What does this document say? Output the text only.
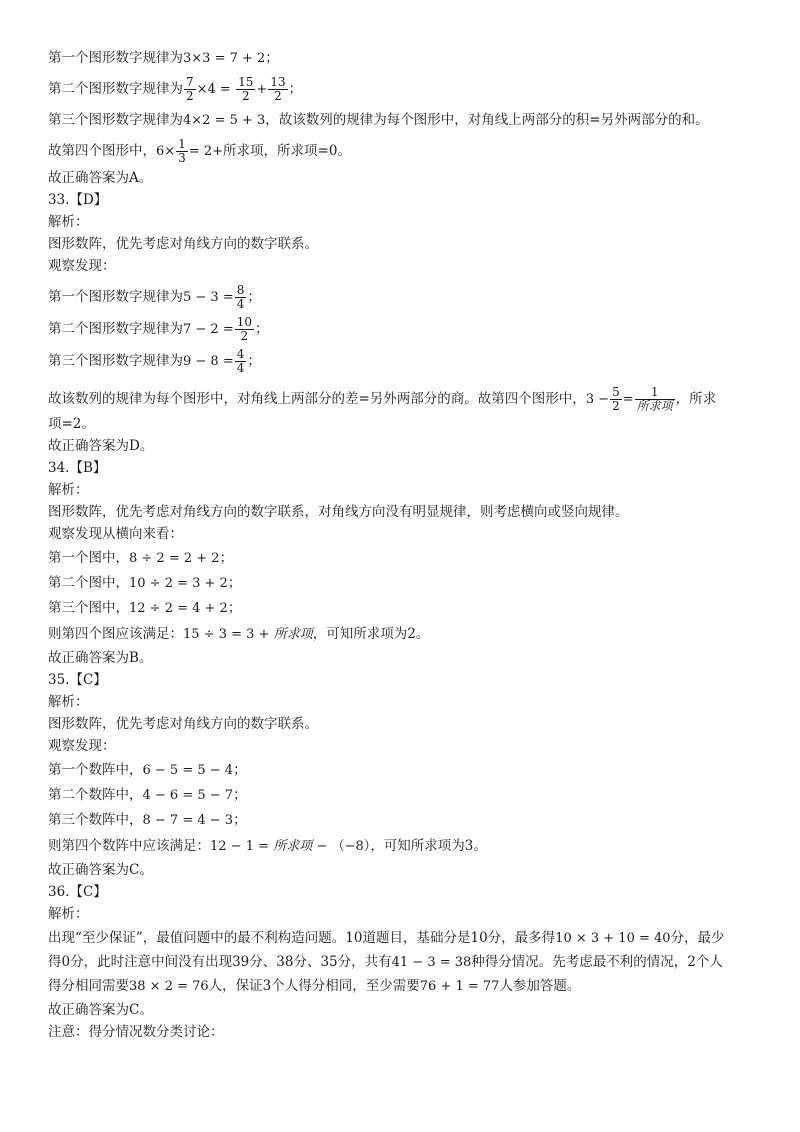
第一个图形数字规律为3×3 = 7 + 2；
第二个图形数字规律为 $\frac{7}{2} \times 4 = \frac{15}{2} + \frac{13}{2}$ ；
第三个图形数字规律为4×2 = 5 + 3，故该数列的规律为每个图形中，对角线上两部分的积=另外两部分的和。
故第四个图形中，$6\times \frac{1}{3} = 2+$所求项，所求项=0。
故正确答案为A。
33.【D】
解析：
图形数阵，优先考虑对角线方向的数字联系。
观察发现：
第一个图形数字规律为$5 - 3 = \frac{8}{4}$ ；
第二个图形数字规律为$7 - 2 = \frac{10}{2}$ ；
第三个图形数字规律为$9 - 8 = \frac{4}{4}$ ；
故该数列的规律为每个图形中，对角线上两部分的差=另外两部分的商。故第四个图形中，$3 - \frac{5}{2} = \frac{1}{\text{所求项}}$ ，所求
项=2。
故正确答案为D。
34.【B】
解析：
图形数阵，优先考虑对角线方向的数字联系，对角线方向没有明显规律，则考虑横向或竖向规律。
观察发现从横向来看：
第一个图中，8 ÷ 2 = 2 + 2；
第二个图中，10 ÷ 2 = 3 + 2；
第三个图中，12 ÷ 2 = 4 + 2；
则第四个图应该满足：15 ÷ 3 = 3 + 所求项，可知所求项为2。
故正确答案为B。
35.【C】
解析：
图形数阵，优先考虑对角线方向的数字联系。
观察发现：
第一个数阵中，6 − 5 = 5 − 4；
第二个数阵中，4 − 6 = 5 − 7；
第三个数阵中，8 − 7 = 4 − 3；
则第四个数阵中应该满足：12 − 1 = 所求项 − （−8），可知所求项为3。
故正确答案为C。
36.【C】
解析：
出现“至少保证”，最值问题中的最不利构造问题。10道题目，基础分是10分，最多得10 × 3 + 10 = 40分，最少
得0分，此时注意中间没有出现39分、38分、35分，共有41 − 3 = 38种得分情况。先考虑最不利的情况，2个人
得分相同需要38 × 2 = 76人，保证3个人得分相同，至少需要76 + 1 = 77人参加答题。
故正确答案为C。
注意：得分情况数分类讨论：
